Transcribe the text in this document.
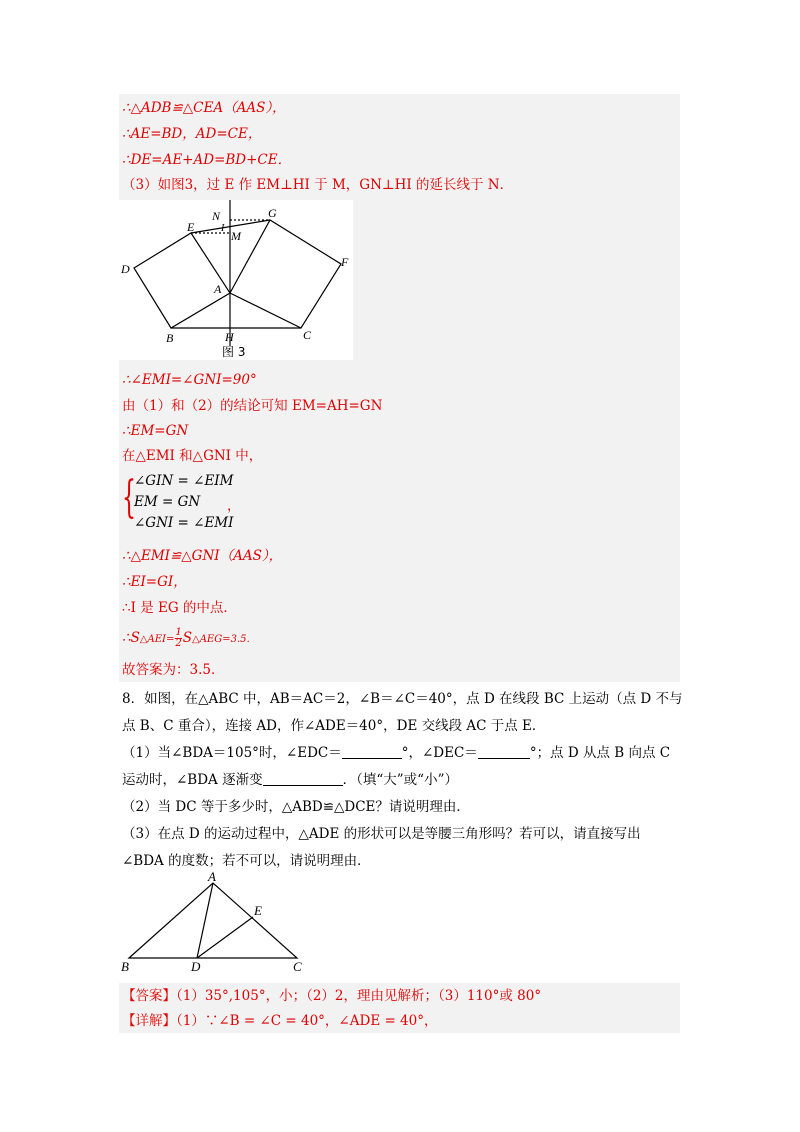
∴△ADB≌△CEA（AAS），
∴AE=BD，AD=CE，
∴DE=AE+AD=BD+CE．
（3）如图3，过 E 作 EM⊥HI 于 M，GN⊥HI 的延长线于 N．
N	G
E
M
I
D	F
A
B	H	C
图 3
∴∠EMI=∠GNI=90°
由（1）和（2）的结论可知 EM=AH=GN
∴EM=GN
在△EMI 和△GNI 中，
{
∠GIN = ∠EIM
EM = GN
∠GNI = ∠EMI
，
∴△EMI≌△GNI（AAS），
∴EI=GI，
∴I 是 EG 的中点．
∴S△AEI= $\frac{1}{2}$ S△AEG=3.5．
故答案为：3.5．
8．如图，在△ABC 中，AB＝AC＝2，∠B＝∠C＝40°，点 D 在线段 BC 上运动（点 D 不与
点 B、C 重合），连接 AD，作∠ADE＝40°，DE 交线段 AC 于点 E．
（1）当∠BDA＝105°时，∠EDC＝	°，∠DEC＝	°；点 D 从点 B 向点 C
运动时，∠BDA 逐渐变	．（填“大”或“小”）
（2）当 DC 等于多少时，△ABD≌△DCE？请说明理由．
（3）在点 D 的运动过程中，△ADE 的形状可以是等腰三角形吗？若可以，请直接写出
∠BDA 的度数；若不可以，请说明理由．
A
E
B	D	C
【答案】（1）35°,105°，小；（2）2，理由见解析；（3）110°或 80°
【详解】（1）∵∠B = ∠C = 40°，∠ADE = 40°，
